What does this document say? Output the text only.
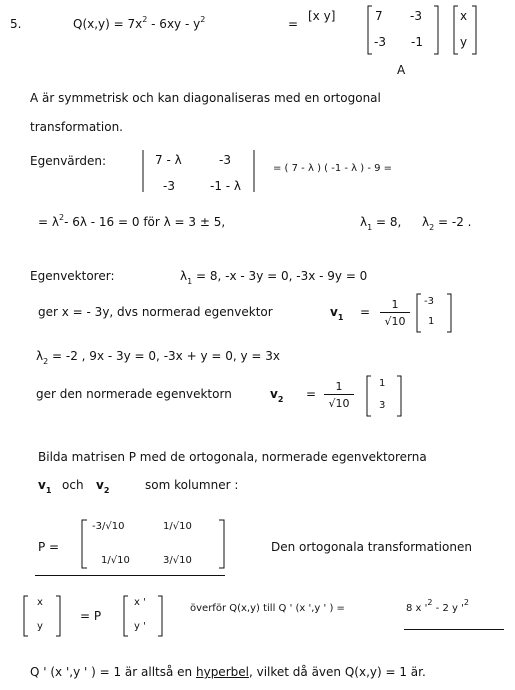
5.	$Q(x,y) = 7x^2 - 6xy - y^2$	=
[x y]	7 -3
-3 -1
x
y
A
A är symmetrisk och kan diagonaliseras med en ortogonal
transformation.
Egenvärden:	7 - λ	-3
-3	-1 - λ
= ( 7 - λ ) ( -1 - λ ) - 9 =
= $\lambda^2-$ 6λ - 16 = 0 för λ = 3 ± 5,	$\lambda_1 = 8$, $\lambda_2 = -2$ .
Egenvektorer:	$\lambda_1 = 8$, -x - 3y = 0, -3x - 9y = 0
ger x = - 3y, dvs normerad egenvektor	$v_1 = \frac{1}{√10} -3$
1
$\lambda_2 = -2$ , 9x - 3y = 0, -3x + y = 0, y = 3x
ger den normerade egenvektorn	$v_2 = \frac{1}{√10}$	1
3
Bilda matrisen P med de ortogonala, normerade egenvektorerna
$v_1$ och $v_2$	som kolumner :
P =
-3/√10	1/√10
1/√10	3/√10
Den ortogonala transformationen
x
y
= P
x '
y '
överför Q(x,y) till Q ' (x ',y ' ) =	8 x '$^2 - 2$ y '$^2$
Q ' (x ',y ' ) = 1 är alltså en hyperbel, vilket då även Q(x,y) = 1 är.
